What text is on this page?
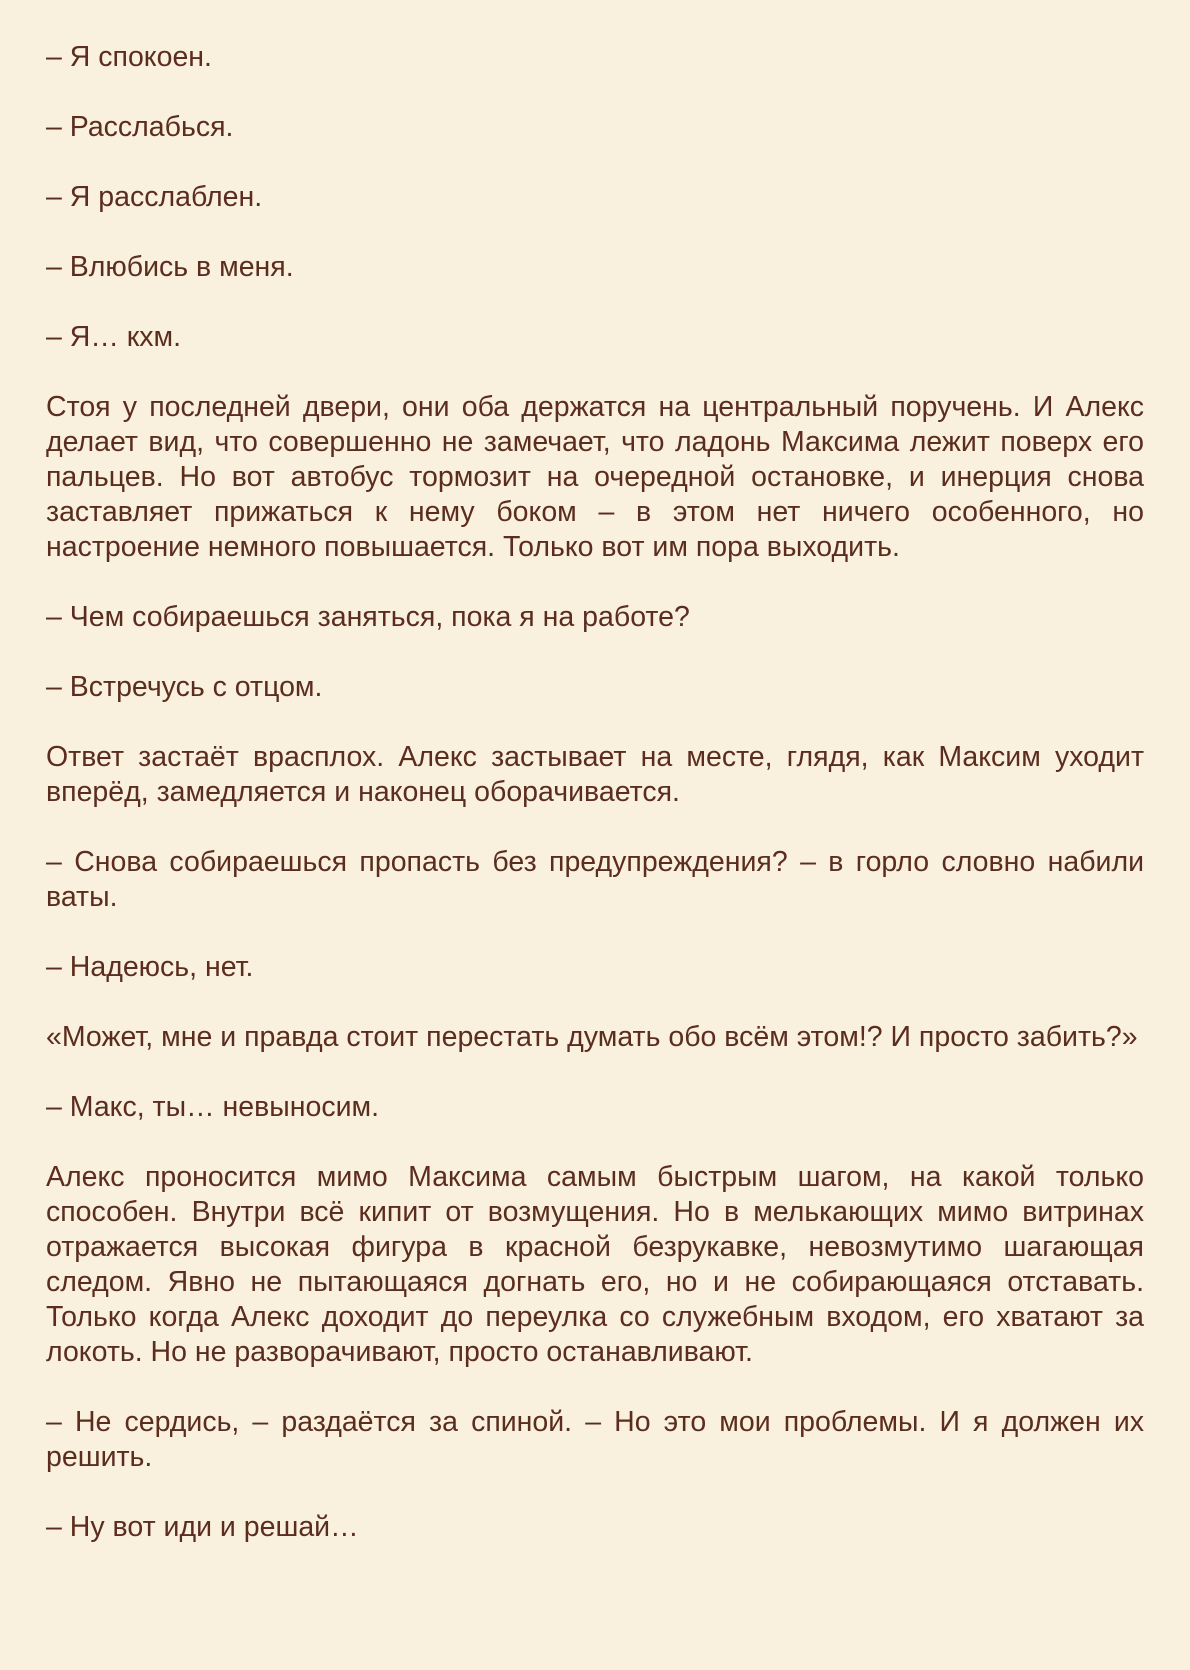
– Я спокоен.

– Расслабься.

– Я расслаблен.

– Влюбись в меня.

– Я… кхм.

Стоя у последней двери, они оба держатся на центральный поручень. И Алекс делает вид, что совершенно не замечает, что ладонь Максима лежит поверх его пальцев. Но вот автобус тормозит на очередной остановке, и инерция снова заставляет прижаться к нему боком – в этом нет ничего особенного, но настроение немного повышается. Только вот им пора выходить.

– Чем собираешься заняться, пока я на работе?

– Встречусь с отцом.

Ответ застаёт врасплох. Алекс застывает на месте, глядя, как Максим уходит вперёд, замедляется и наконец оборачивается.

– Снова собираешься пропасть без предупреждения? – в горло словно набили ваты.

– Надеюсь, нет.

«Может, мне и правда стоит перестать думать обо всём этом!? И просто забить?»

– Макс, ты… невыносим.

Алекс проносится мимо Максима самым быстрым шагом, на какой только способен. Внутри всё кипит от возмущения. Но в мелькающих мимо витринах отражается высокая фигура в красной безрукавке, невозмутимо шагающая следом. Явно не пытающаяся догнать его, но и не собирающаяся отставать. Только когда Алекс доходит до переулка со служебным входом, его хватают за локоть. Но не разворачивают, просто останавливают.

– Не сердись, – раздаётся за спиной. – Но это мои проблемы. И я должен их решить.

– Ну вот иди и решай…
